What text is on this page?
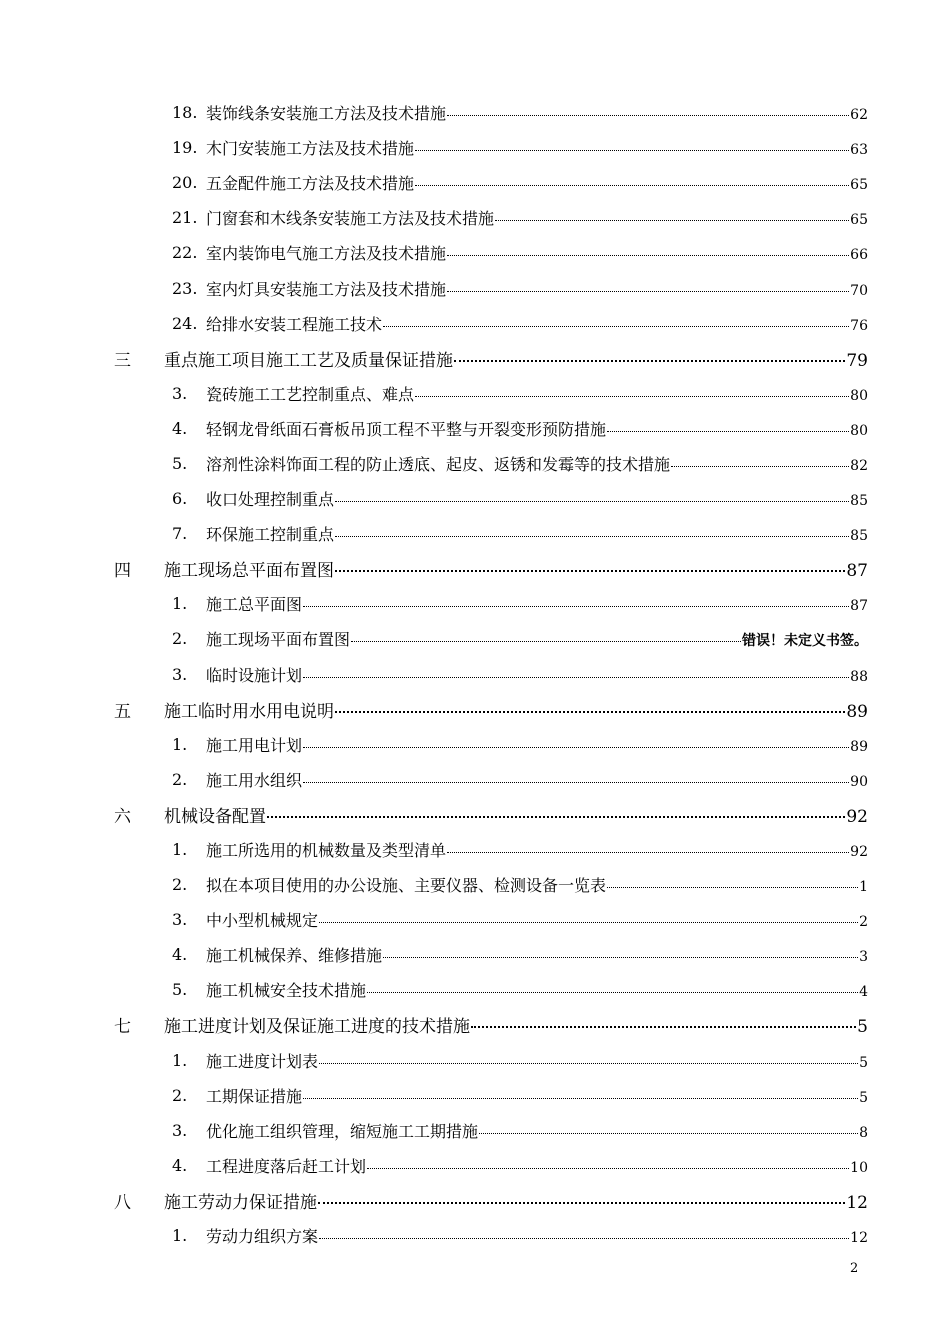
18. 装饰线条安装施工方法及技术措施	62
19. 木门安装施工方法及技术措施	63
20. 五金配件施工方法及技术措施	65
21. 门窗套和木线条安装施工方法及技术措施	65
22. 室内装饰电气施工方法及技术措施	66
23. 室内灯具安装施工方法及技术措施	70
24. 给排水安装工程施工技术	76
三 重点施工项目施工工艺及质量保证措施	79
3. 瓷砖施工工艺控制重点、难点	80
4. 轻钢龙骨纸面石膏板吊顶工程不平整与开裂变形预防措施	80
5. 溶剂性涂料饰面工程的防止透底、起皮、返锈和发霉等的技术措施	82
6. 收口处理控制重点	85
7. 环保施工控制重点	85
四 施工现场总平面布置图	87
1. 施工总平面图	87
2. 施工现场平面布置图	错误！未定义书签。
3. 临时设施计划	88
五 施工临时用水用电说明	89
1. 施工用电计划	89
2. 施工用水组织	90
六 机械设备配置	92
1. 施工所选用的机械数量及类型清单	92
2. 拟在本项目使用的办公设施、主要仪器、检测设备一览表	1
3. 中小型机械规定	2
4. 施工机械保养、维修措施	3
5. 施工机械安全技术措施	4
七 施工进度计划及保证施工进度的技术措施	5
1. 施工进度计划表	5
2. 工期保证措施	5
3. 优化施工组织管理，缩短施工工期措施	8
4. 工程进度落后赶工计划	10
八 施工劳动力保证措施	12
1. 劳动力组织方案	12
2
